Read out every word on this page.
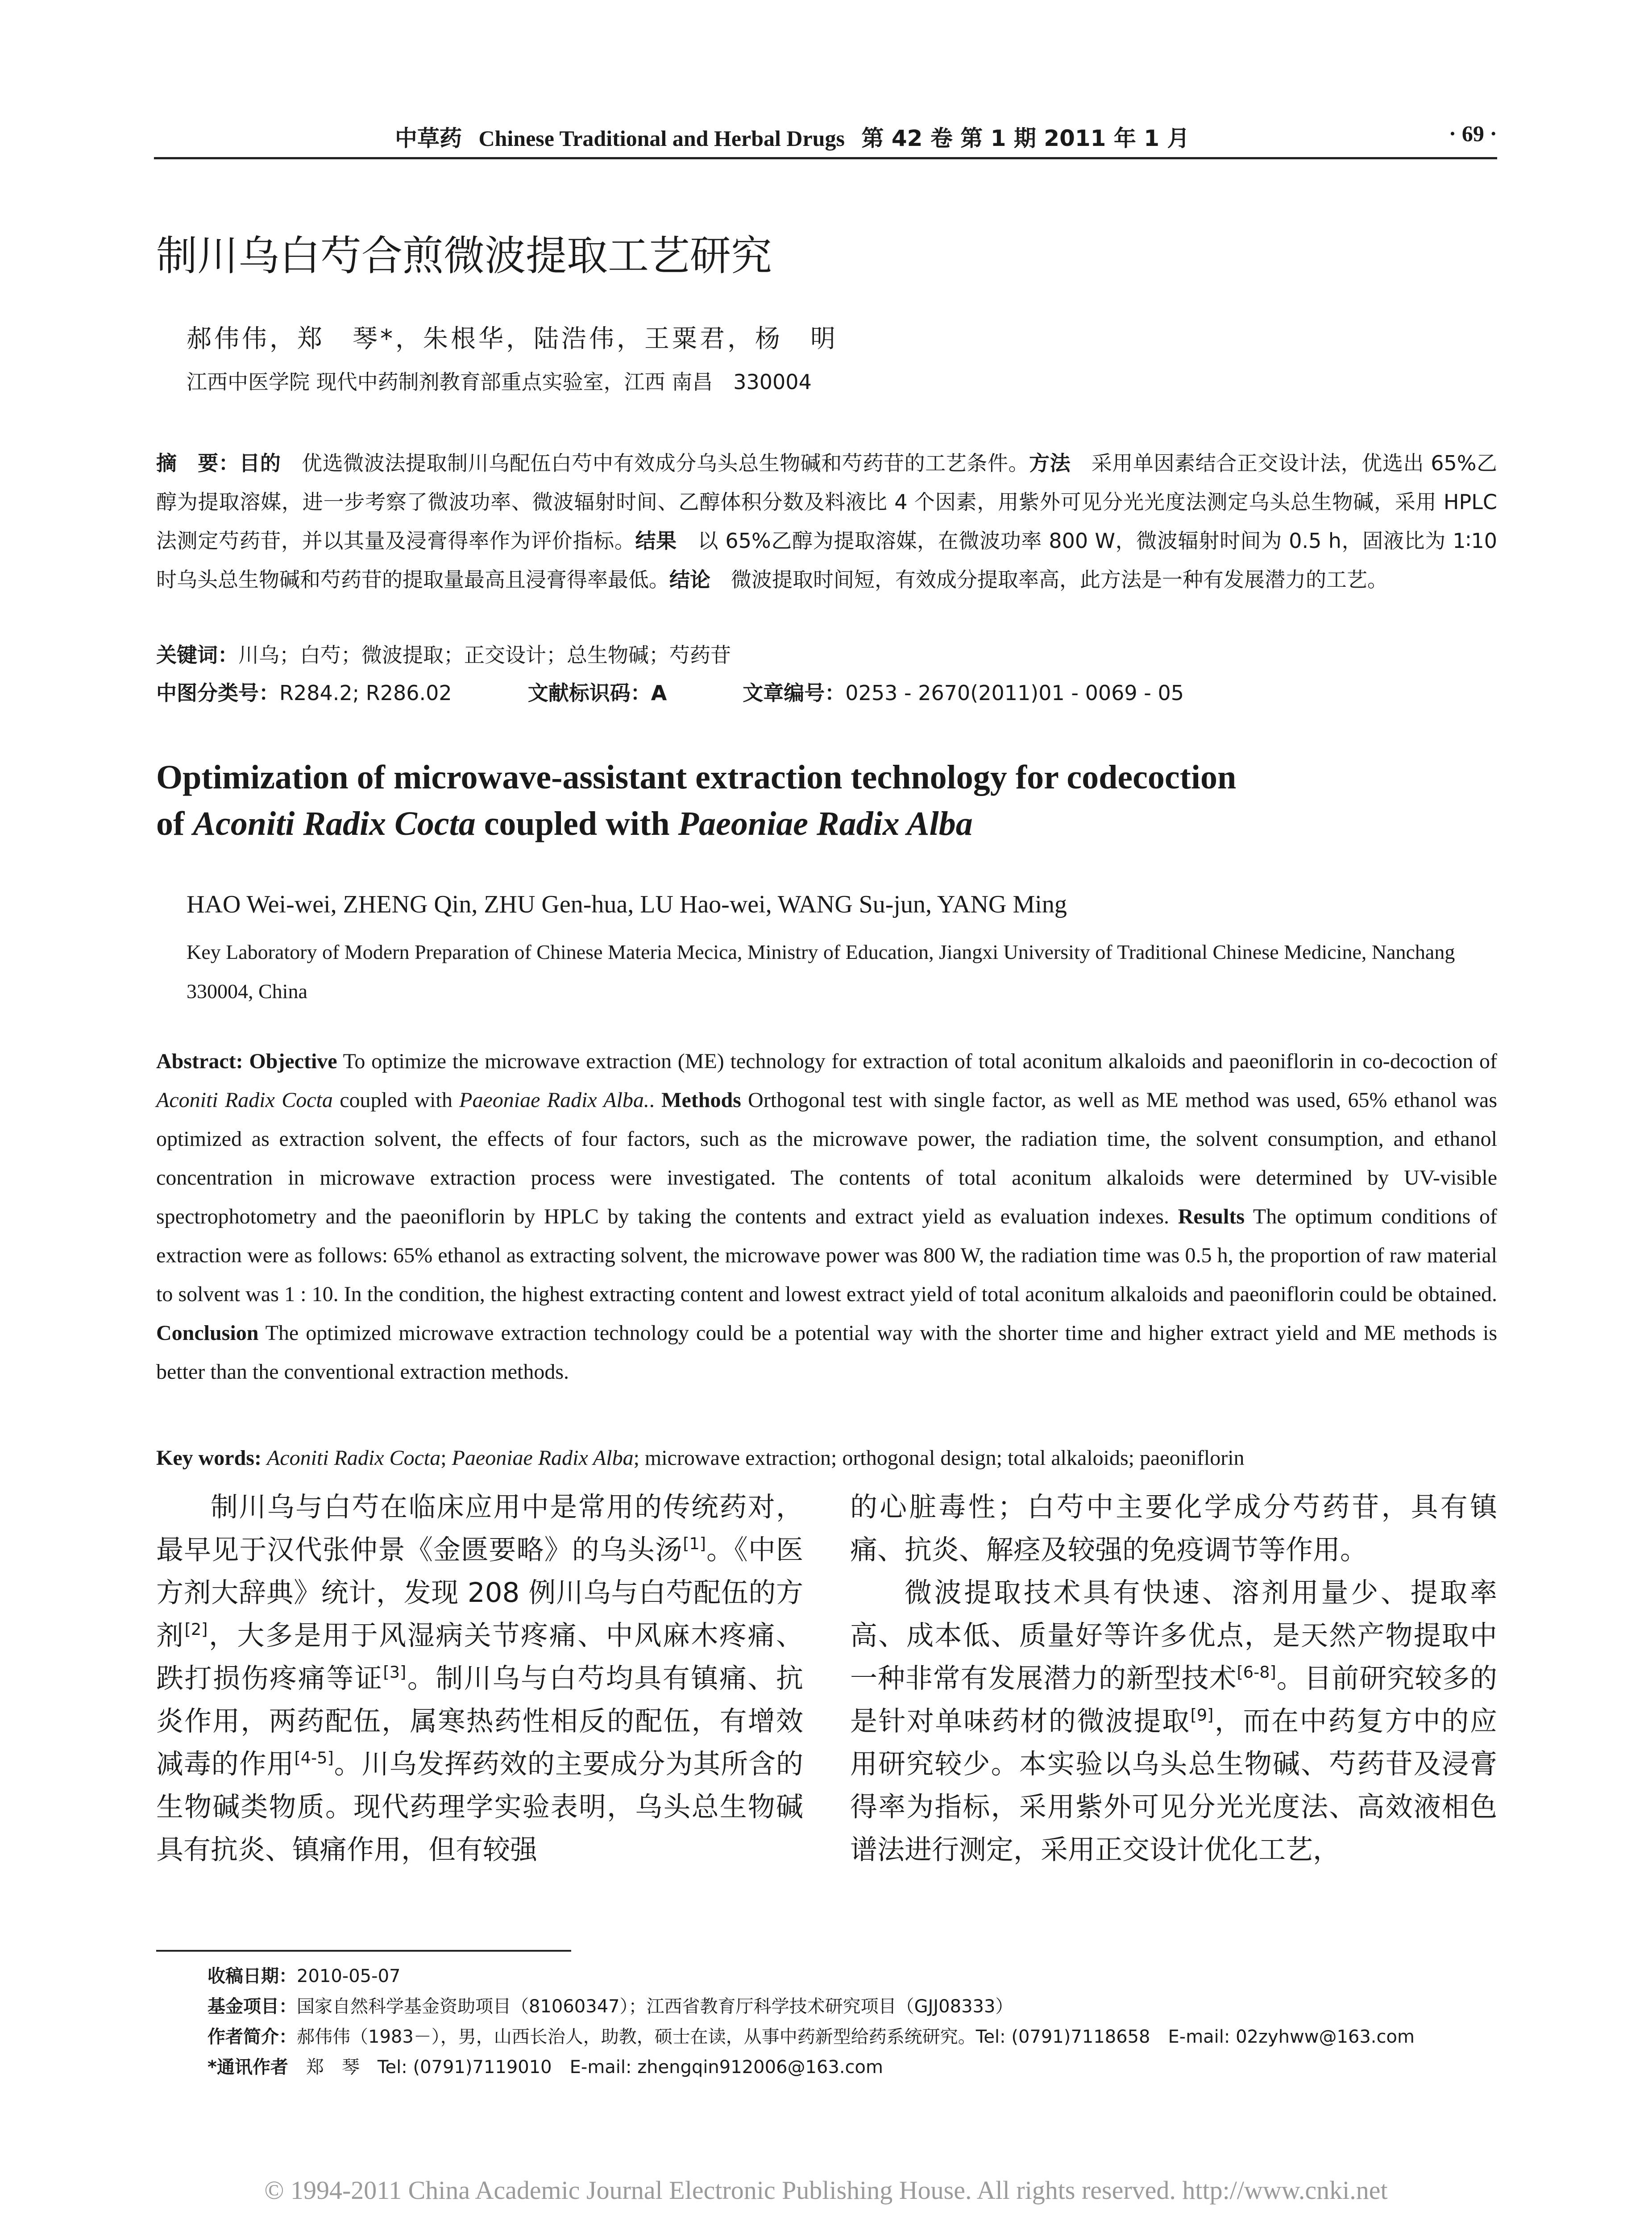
中草药 Chinese Traditional and Herbal Drugs 第 42 卷 第 1 期 2011 年 1 月	· 69 ·
制川乌白芍合煎微波提取工艺研究
郝伟伟，郑　琴*，朱根华，陆浩伟，王粟君，杨　明
江西中医学院 现代中药制剂教育部重点实验室，江西 南昌　330004
摘　要：目的　优选微波法提取制川乌配伍白芍中有效成分乌头总生物碱和芍药苷的工艺条件。方法　采用单因素结合正交设计法，优选出 65%乙醇为提取溶媒，进一步考察了微波功率、微波辐射时间、乙醇体积分数及料液比 4 个因素，用紫外可见分光光度法测定乌头总生物碱，采用 HPLC 法测定芍药苷，并以其量及浸膏得率作为评价指标。结果　以 65%乙醇为提取溶媒，在微波功率 800 W，微波辐射时间为 0.5 h，固液比为 1∶10 时乌头总生物碱和芍药苷的提取量最高且浸膏得率最低。结论　微波提取时间短，有效成分提取率高，此方法是一种有发展潜力的工艺。
关键词：川乌；白芍；微波提取；正交设计；总生物碱；芍药苷
中图分类号：R284.2; R286.02	文献标识码：A	文章编号：0253 - 2670(2011)01 - 0069 - 05
Optimization of microwave-assistant extraction technology for codecoction
of Aconiti Radix Cocta coupled with Paeoniae Radix Alba
HAO Wei-wei, ZHENG Qin, ZHU Gen-hua, LU Hao-wei, WANG Su-jun, YANG Ming
Key Laboratory of Modern Preparation of Chinese Materia Mecica, Ministry of Education, Jiangxi University of Traditional Chinese Medicine, Nanchang 330004, China
Abstract: Objective To optimize the microwave extraction (ME) technology for extraction of total aconitum alkaloids and paeoniflorin in co-decoction of Aconiti Radix Cocta coupled with Paeoniae Radix Alba.. Methods Orthogonal test with single factor, as well as ME method was used, 65% ethanol was optimized as extraction solvent, the effects of four factors, such as the microwave power, the radiation time, the solvent consumption, and ethanol concentration in microwave extraction process were investigated. The contents of total aconitum alkaloids were determined by UV-visible spectrophotometry and the paeoniflorin by HPLC by taking the contents and extract yield as evaluation indexes. Results The optimum conditions of extraction were as follows: 65% ethanol as extracting solvent, the microwave power was 800 W, the radiation time was 0.5 h, the proportion of raw material to solvent was 1 : 10. In the condition, the highest extracting content and lowest extract yield of total aconitum alkaloids and paeoniflorin could be obtained. Conclusion The optimized microwave extraction technology could be a potential way with the shorter time and higher extract yield and ME methods is better than the conventional extraction methods.
Key words: Aconiti Radix Cocta; Paeoniae Radix Alba; microwave extraction; orthogonal design; total alkaloids; paeoniflorin

制川乌与白芍在临床应用中是常用的传统药对，最早见于汉代张仲景《金匮要略》的乌头汤[1]。《中医方剂大辞典》统计，发现 208 例川乌与白芍配伍的方剂[2]，大多是用于风湿病关节疼痛、中风麻木疼痛、跌打损伤疼痛等证[3]。制川乌与白芍均具有镇痛、抗炎作用，两药配伍，属寒热药性相反的配伍，有增效减毒的作用[4-5]。川乌发挥药效的主要成分为其所含的生物碱类物质。现代药理学实验表明，乌头总生物碱具有抗炎、镇痛作用，但有较强

的心脏毒性；白芍中主要化学成分芍药苷，具有镇痛、抗炎、解痉及较强的免疫调节等作用。

微波提取技术具有快速、溶剂用量少、提取率高、成本低、质量好等许多优点，是天然产物提取中一种非常有发展潜力的新型技术[6-8]。目前研究较多的是针对单味药材的微波提取[9]，而在中药复方中的应用研究较少。本实验以乌头总生物碱、芍药苷及浸膏得率为指标，采用紫外可见分光光度法、高效液相色谱法进行测定，采用正交设计优化工艺，

收稿日期：2010-05-07
基金项目：国家自然科学基金资助项目（81060347）；江西省教育厅科学技术研究项目（GJJ08333）
作者简介：郝伟伟（1983－），男，山西长治人，助教，硕士在读，从事中药新型给药系统研究。Tel: (0791)7118658　E-mail: 02zyhww@163.com
*通讯作者　郑　琴　Tel: (0791)7119010　E-mail: zhengqin912006@163.com
© 1994-2011 China Academic Journal Electronic Publishing House. All rights reserved. http://www.cnki.net
